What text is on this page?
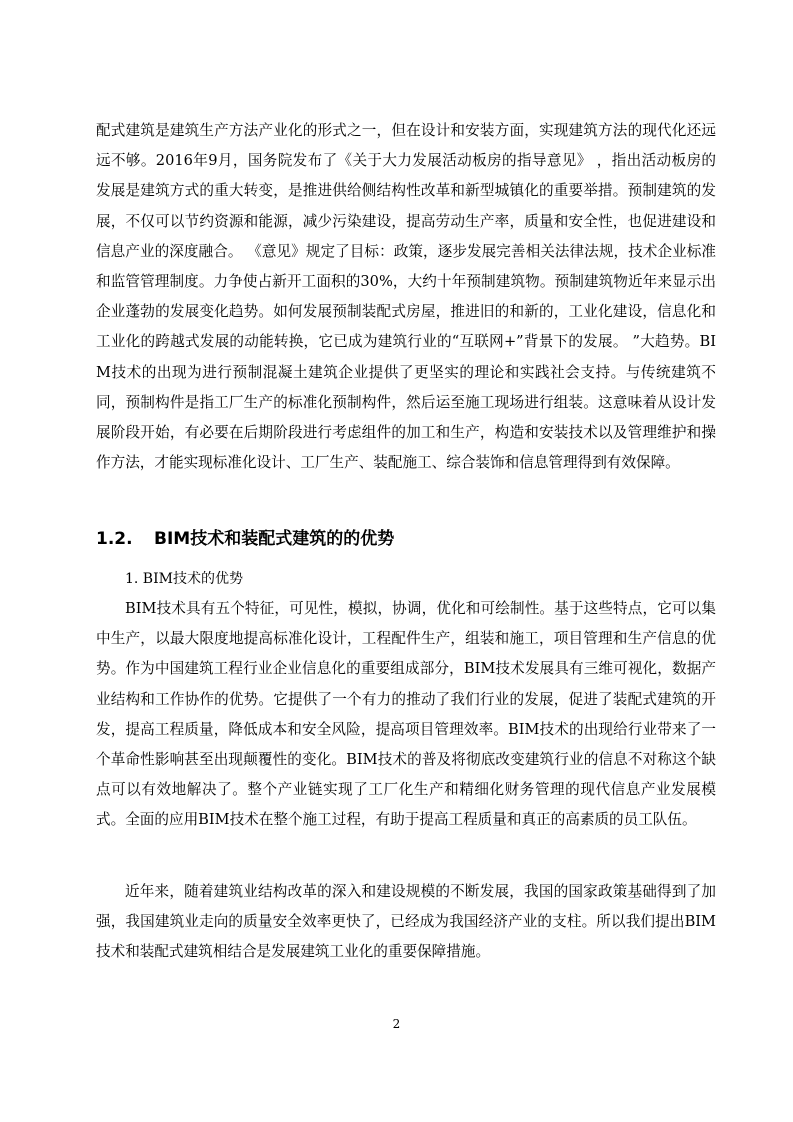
配式建筑是建筑生产方法产业化的形式之一，但在设计和安装方面，实现建筑方法的现代化还远远不够。2016年9月，国务院发布了《关于大力发展活动板房的指导意见》 ，指出活动板房的发展是建筑方式的重大转变，是推进供给侧结构性改革和新型城镇化的重要举措。预制建筑的发展，不仅可以节约资源和能源，减少污染建设，提高劳动生产率，质量和安全性，也促进建设和信息产业的深度融合。 《意见》规定了目标：政策，逐步发展完善相关法律法规，技术企业标准和监管管理制度。力争使占新开工面积的30%，大约十年预制建筑物。预制建筑物近年来显示出企业蓬勃的发展变化趋势。如何发展预制装配式房屋，推进旧的和新的，工业化建设，信息化和工业化的跨越式发展的动能转换，它已成为建筑行业的“互联网+”背景下的发展。 ”大趋势。BIM技术的出现为进行预制混凝土建筑企业提供了更坚实的理论和实践社会支持。与传统建筑不同，预制构件是指工厂生产的标准化预制构件，然后运至施工现场进行组装。这意味着从设计发展阶段开始，有必要在后期阶段进行考虑组件的加工和生产，构造和安装技术以及管理维护和操作方法，才能实现标准化设计、工厂生产、装配施工、综合装饰和信息管理得到有效保障。

1.2. BIM技术和装配式建筑的的优势

1. BIM技术的优势

BIM技术具有五个特征，可见性，模拟，协调，优化和可绘制性。基于这些特点，它可以集中生产，以最大限度地提高标准化设计，工程配件生产，组装和施工，项目管理和生产信息的优势。作为中国建筑工程行业企业信息化的重要组成部分，BIM技术发展具有三维可视化，数据产业结构和工作协作的优势。它提供了一个有力的推动了我们行业的发展，促进了装配式建筑的开发，提高工程质量，降低成本和安全风险，提高项目管理效率。BIM技术的出现给行业带来了一个革命性影响甚至出现颠覆性的变化。BIM技术的普及将彻底改变建筑行业的信息不对称这个缺点可以有效地解决了。整个产业链实现了工厂化生产和精细化财务管理的现代信息产业发展模式。全面的应用BIM技术在整个施工过程，有助于提高工程质量和真正的高素质的员工队伍。

近年来，随着建筑业结构改革的深入和建设规模的不断发展，我国的国家政策基础得到了加强，我国建筑业走向的质量安全效率更快了，已经成为我国经济产业的支柱。所以我们提出BIM技术和装配式建筑相结合是发展建筑工业化的重要保障措施。

2
